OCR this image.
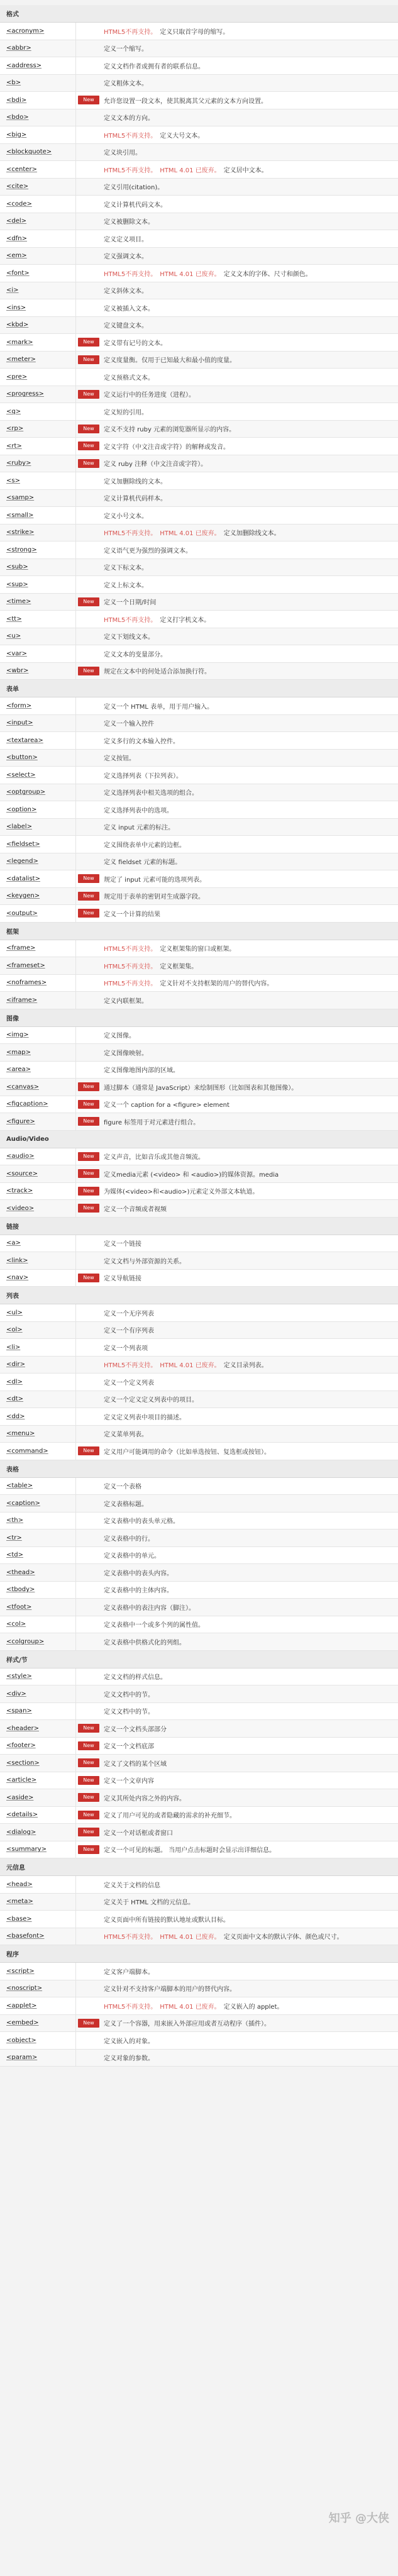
格式
<acronym>	HTML5不再支持。 定义只取首字母的缩写。
<abbr>	定义一个缩写。
<address>	定义文档作者或拥有者的联系信息。
<b>	定义粗体文本。
<bdi>	New	允许您设置一段文本，使其脱离其父元素的文本方向设置。
<bdo>	定义文本的方向。
<big>	HTML5不再支持。 定义大号文本。
<blockquote>	定义块引用。
<center>	HTML5不再支持。 HTML 4.01 已废弃。 定义居中文本。
<cite>	定义引用(citation)。
<code>	定义计算机代码文本。
<del>	定义被删除文本。
<dfn>	定义定义项目。
<em>	定义强调文本。
<font>	HTML5不再支持。 HTML 4.01 已废弃。 定义文本的字体、尺寸和颜色。
<i>	定义斜体文本。
<ins>	定义被插入文本。
<kbd>	定义键盘文本。
<mark>	New	定义带有记号的文本。
<meter>	New	定义度量衡。仅用于已知最大和最小值的度量。
<pre>	定义预格式文本。
<progress>	New	定义运行中的任务进度（进程）。
<q>	定义短的引用。
<rp>	New	定义不支持 ruby 元素的浏览器所显示的内容。
<rt>	New	定义字符（中文注音或字符）的解释或发音。
<ruby>	New	定义 ruby 注释（中文注音或字符）。
<s>	定义加删除线的文本。
<samp>	定义计算机代码样本。
<small>	定义小号文本。
<strike>	HTML5不再支持。 HTML 4.01 已废弃。 定义加删除线文本。
<strong>	定义语气更为强烈的强调文本。
<sub>	定义下标文本。
<sup>	定义上标文本。
<time>	New	定义一个日期/时间
<tt>	HTML5不再支持。 定义打字机文本。
<u>	定义下划线文本。
<var>	定义文本的变量部分。
<wbr>	New	规定在文本中的何处适合添加换行符。
表单
<form>	定义一个 HTML 表单，用于用户输入。
<input>	定义一个输入控件
<textarea>	定义多行的文本输入控件。
<button>	定义按钮。
<select>	定义选择列表（下拉列表）。
<optgroup>	定义选择列表中相关选项的组合。
<option>	定义选择列表中的选项。
<label>	定义 input 元素的标注。
<fieldset>	定义围绕表单中元素的边框。
<legend>	定义 fieldset 元素的标题。
<datalist>	New	规定了 input 元素可能的选项列表。
<keygen>	New	规定用于表单的密钥对生成器字段。
<output>	New	定义一个计算的结果
框架
<frame>	HTML5不再支持。 定义框架集的窗口或框架。
<frameset>	HTML5不再支持。 定义框架集。
<noframes>	HTML5不再支持。 定义针对不支持框架的用户的替代内容。
<iframe>	定义内联框架。
图像
<img>	定义图像。
<map>	定义图像映射。
<area>	定义图像地图内部的区域。
<canvas>	New	通过脚本（通常是 JavaScript）来绘制图形（比如图表和其他图像）。
<figcaption>	New	定义一个 caption for a <figure> element
<figure>	New	figure 标签用于对元素进行组合。
Audio/Video
<audio>	New	定义声音，比如音乐或其他音频流。
<source>	New	定义media元素 (<video> 和 <audio>)的媒体资源。media
<track>	New	为媒体(<video>和<audio>)元素定义外部文本轨道。
<video>	New	定义一个音频或者视频
链接
<a>	定义一个链接
<link>	定义文档与外部资源的关系。
<nav>	New	定义导航链接
列表
<ul>	定义一个无序列表
<ol>	定义一个有序列表
<li>	定义一个列表项
<dir>	HTML5不再支持。 HTML 4.01 已废弃。 定义目录列表。
<dl>	定义一个定义列表
<dt>	定义一个定义定义列表中的项目。
<dd>	定义定义列表中项目的描述。
<menu>	定义菜单列表。
<command>	New	定义用户可能调用的命令（比如单选按钮、复选框或按钮）。
表格
<table>	定义一个表格
<caption>	定义表格标题。
<th>	定义表格中的表头单元格。
<tr>	定义表格中的行。
<td>	定义表格中的单元。
<thead>	定义表格中的表头内容。
<tbody>	定义表格中的主体内容。
<tfoot>	定义表格中的表注内容（脚注）。
<col>	定义表格中一个或多个列的属性值。
<colgroup>	定义表格中供格式化的列组。
样式/节
<style>	定义文档的样式信息。
<div>	定义文档中的节。
<span>	定义文档中的节。
<header>	New	定义一个文档头部部分
<footer>	New	定义一个文档底部
<section>	New	定义了文档的某个区域
<article>	New	定义一个文章内容
<aside>	New	定义其所处内容之外的内容。
<details>	New	定义了用户可见的或者隐藏的需求的补充细节。
<dialog>	New	定义一个对话框或者窗口
<summary>	New	定义一个可见的标题。 当用户点击标题时会显示出详细信息。
元信息
<head>	定义关于文档的信息
<meta>	定义关于 HTML 文档的元信息。
<base>	定义页面中所有链接的默认地址或默认目标。
<basefont>	HTML5不再支持。 HTML 4.01 已废弃。 定义页面中文本的默认字体、颜色或尺寸。
程序
<script>	定义客户端脚本。
<noscript>	定义针对不支持客户端脚本的用户的替代内容。
<applet>	HTML5不再支持。 HTML 4.01 已废弃。 定义嵌入的 applet。
<embed>	New	定义了一个容器，用来嵌入外部应用或者互动程序（插件）。
<object>	定义嵌入的对象。
<param>	定义对象的参数。
知乎 @大侠
